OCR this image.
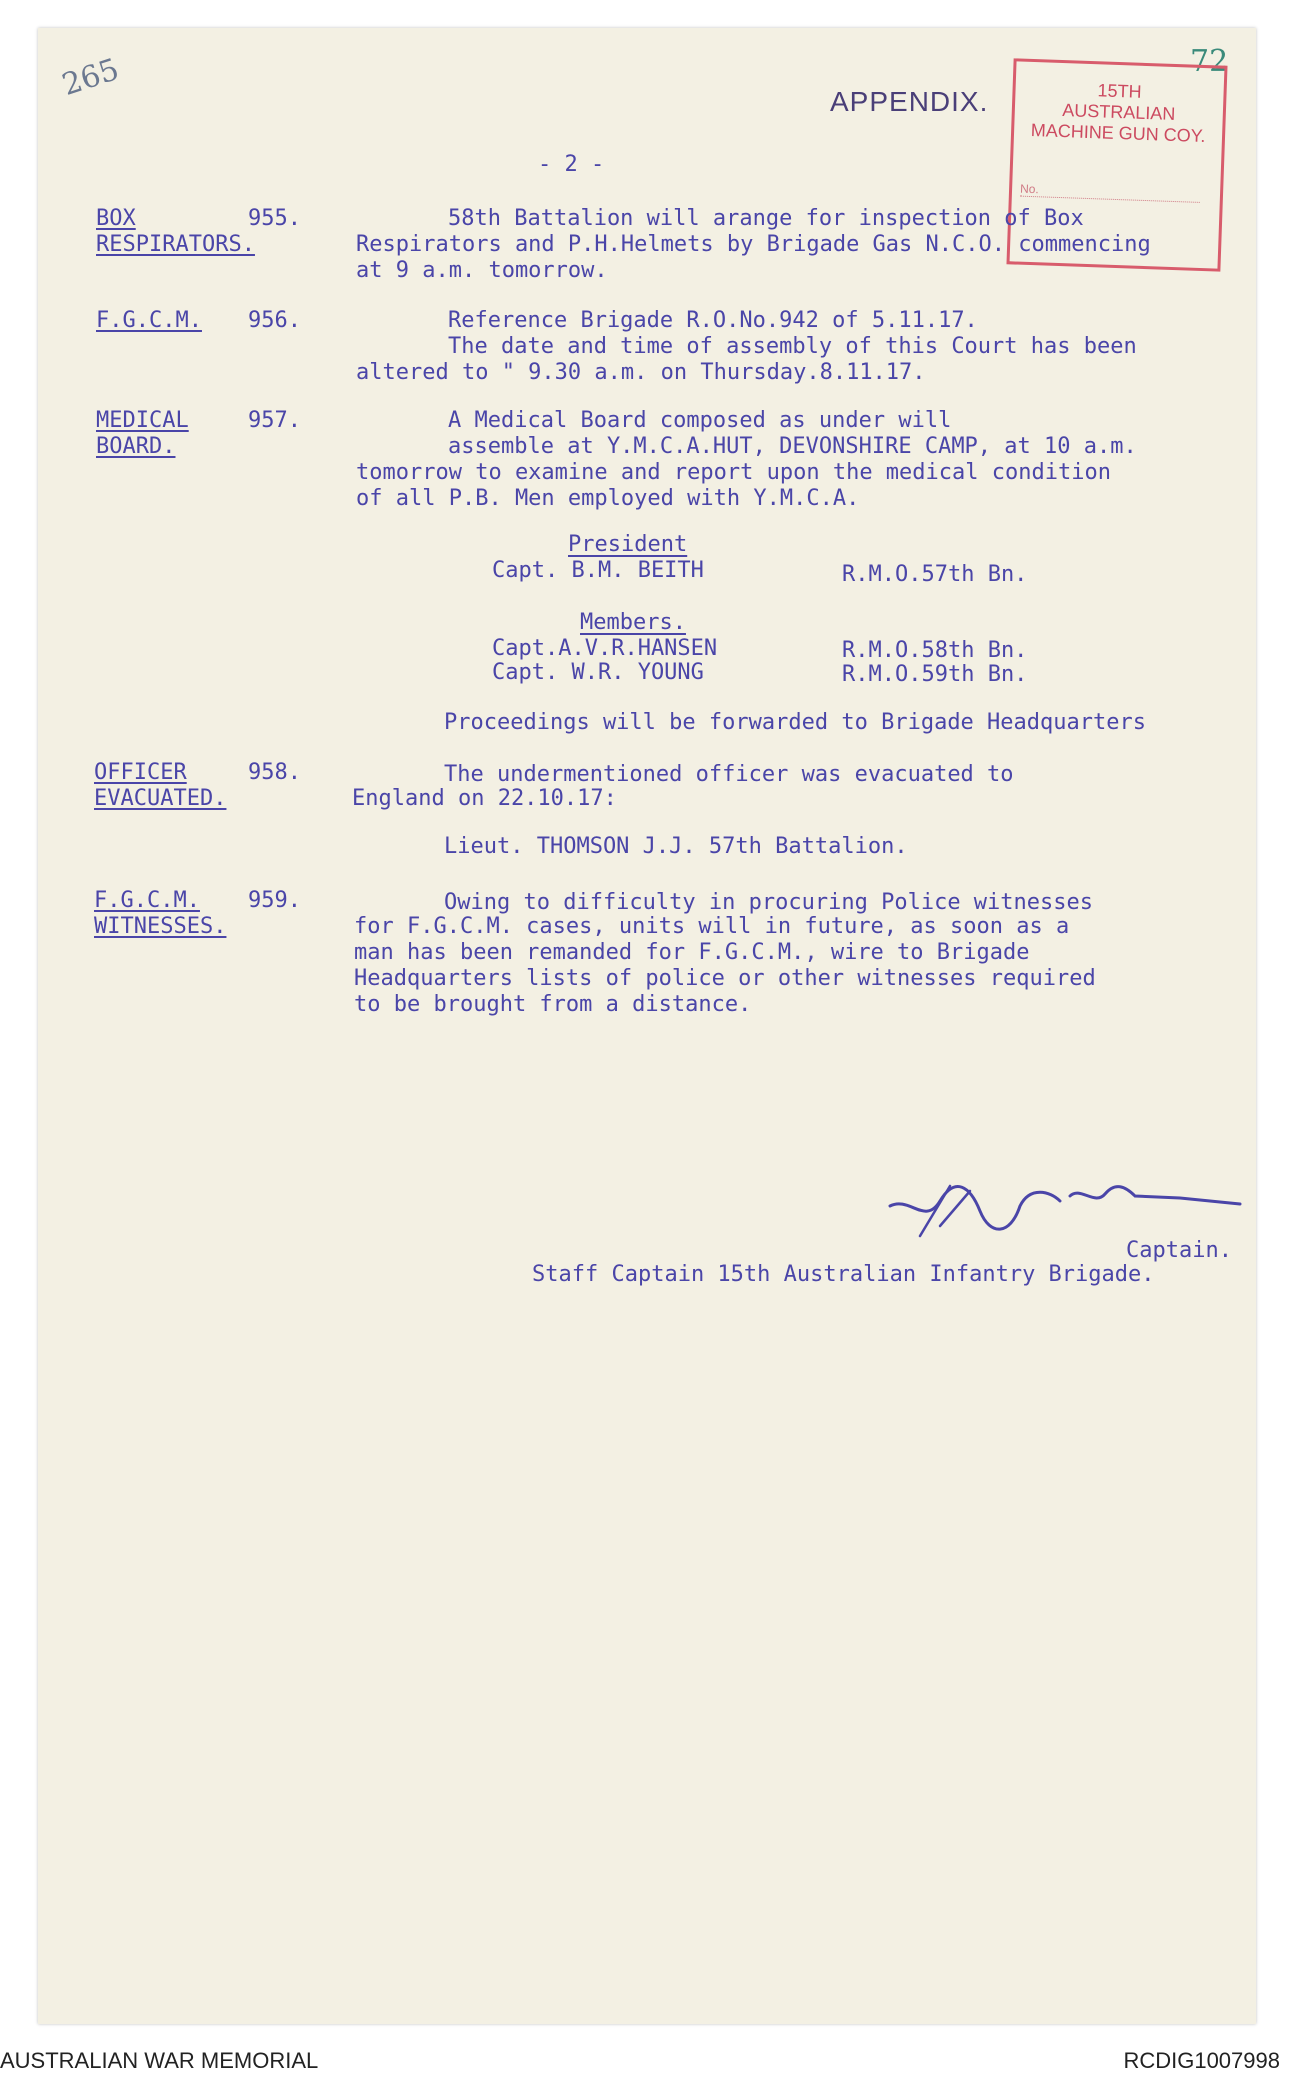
265	72
APPENDIX.	15TH
AUSTRALIAN
MACHINE GUN COY.
No.
- 2 -
BOX
RESPIRATORS.
955.	58th Battalion will arange for inspection of Box
Respirators and P.H.Helmets by Brigade Gas N.C.O. commencing
at 9 a.m. tomorrow.
F.G.C.M. 956.	Reference Brigade R.O.No.942 of 5.11.17.
The date and time of assembly of this Court has been
altered to " 9.30 a.m. on Thursday.8.11.17.
MEDICAL
BOARD.
957.	A Medical Board composed as under will
assemble at Y.M.C.A.HUT, DEVONSHIRE CAMP, at 10 a.m.
tomorrow to examine and report upon the medical condition
of all P.B. Men employed with Y.M.C.A.
President
Capt. B.M. BEITH	R.M.O.57th Bn.
Members.
Capt.A.V.R.HANSEN	R.M.O.58th Bn.
Capt. W.R. YOUNG	R.M.O.59th Bn.
Proceedings will be forwarded to Brigade Headquarters
OFFICER
EVACUATED.
958.	The undermentioned officer was evacuated to
England on 22.10.17:
Lieut. THOMSON J.J. 57th Battalion.
F.G.C.M.
WITNESSES.
959.	Owing to difficulty in procuring Police witnesses
for F.G.C.M. cases, units will in future, as soon as a
man has been remanded for F.G.C.M., wire to Brigade
Headquarters lists of police or other witnesses required
to be brought from a distance.
Captain.
Staff Captain 15th Australian Infantry Brigade.
AUSTRALIAN WAR MEMORIAL	RCDIG1007998
